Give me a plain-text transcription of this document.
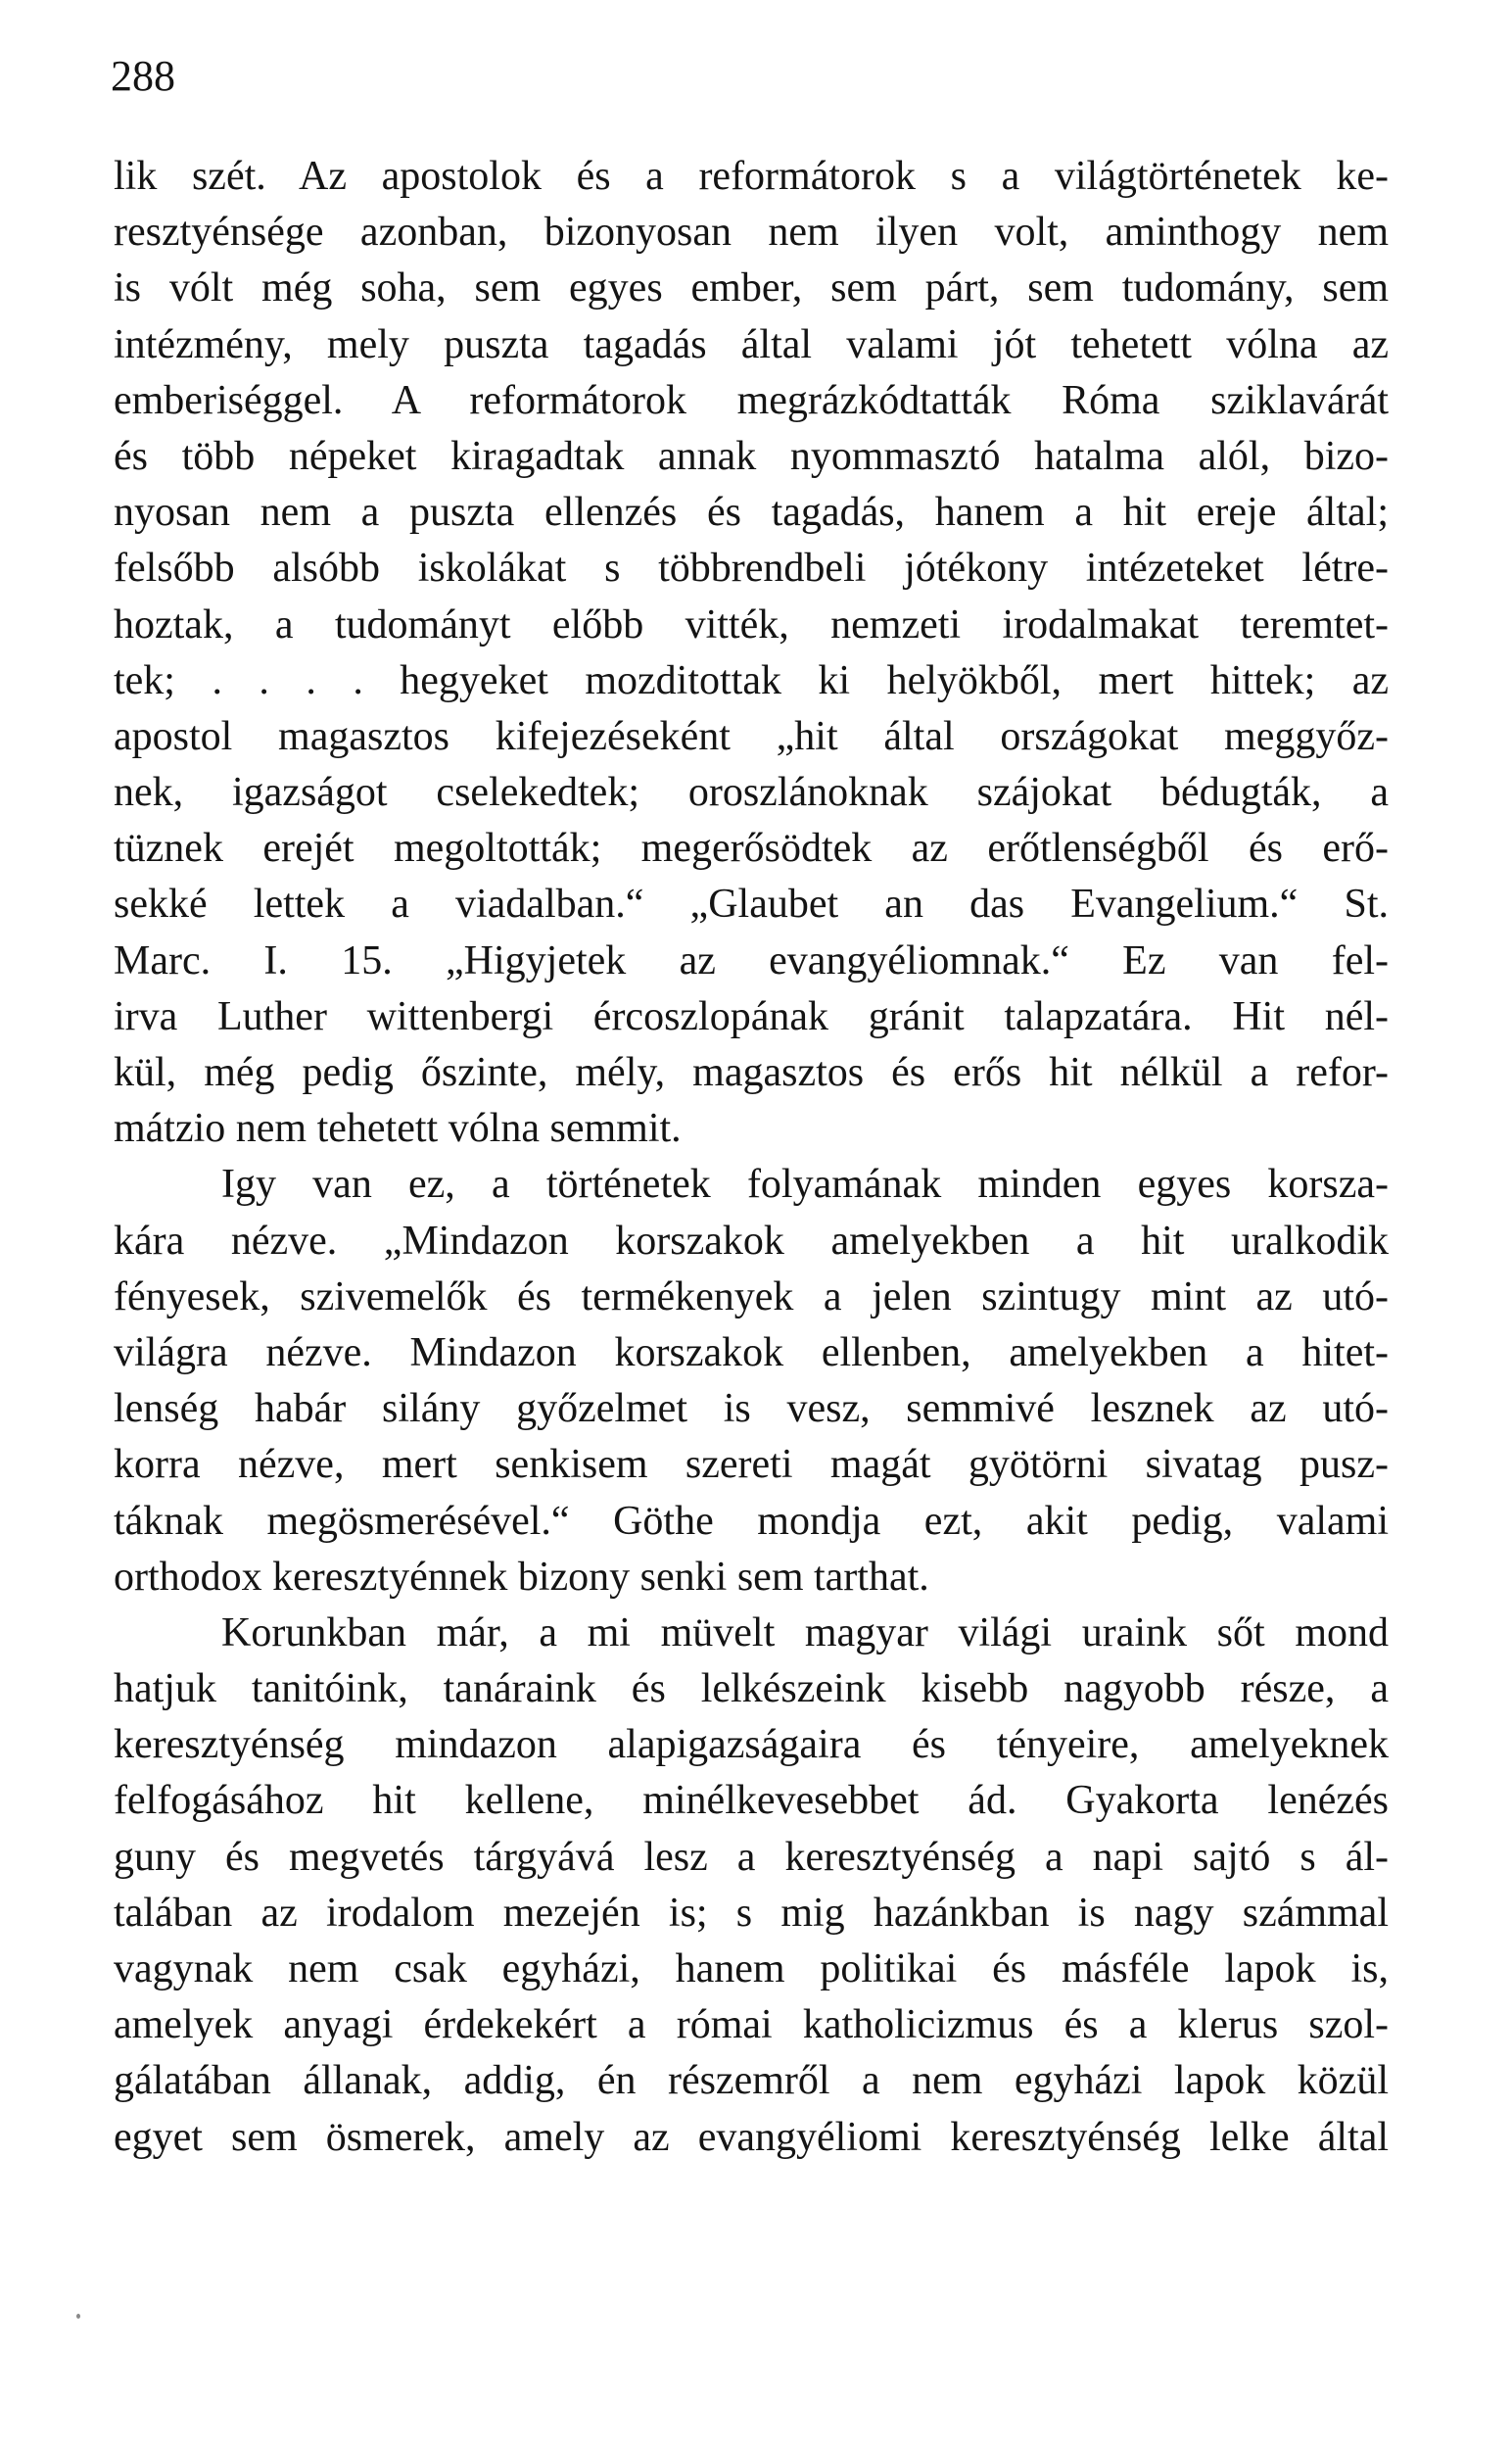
288
lik szét. Az apostolok és a reformátorok s a világtörténetek ke-
resztyénsége azonban, bizonyosan nem ilyen volt, aminthogy nem
is vólt még soha, sem egyes ember, sem párt, sem tudomány, sem
intézmény, mely puszta tagadás által valami jót tehetett vólna az
emberiséggel. A reformátorok megrázkódtatták Róma sziklavárát
és több népeket kiragadtak annak nyommasztó hatalma alól, bizo-
nyosan nem a puszta ellenzés és tagadás, hanem a hit ereje által;
felsőbb alsóbb iskolákat s többrendbeli jótékony intézeteket létre-
hoztak, a tudományt előbb vitték, nemzeti irodalmakat teremtet-
tek; . . . . hegyeket mozditottak ki helyökből, mert hittek; az
apostol magasztos kifejezéseként „hit által országokat meggyőz-
nek, igazságot cselekedtek; oroszlánoknak szájokat bédugták, a
tüznek erejét megoltották; megerősödtek az erőtlenségből és erő-
sekké lettek a viadalban.“ „Glaubet an das Evangelium.“ St.
Marc. I. 15. „Higyjetek az evangyéliomnak.“ Ez van fel-
irva Luther wittenbergi ércoszlopának gránit talapzatára. Hit nél-
kül, még pedig őszinte, mély, magasztos és erős hit nélkül a refor-
mátzio nem tehetett vólna semmit.
Igy van ez, a történetek folyamának minden egyes korsza-
kára nézve. „Mindazon korszakok amelyekben a hit uralkodik
fényesek, szivemelők és termékenyek a jelen szintugy mint az utó-
világra nézve. Mindazon korszakok ellenben, amelyekben a hitet-
lenség habár silány győzelmet is vesz, semmivé lesznek az utó-
korra nézve, mert senkisem szereti magát gyötörni sivatag pusz-
táknak megösmerésével.“ Göthe mondja ezt, akit pedig, valami
orthodox keresztyénnek bizony senki sem tarthat.
Korunkban már, a mi müvelt magyar világi uraink sőt mond
hatjuk tanitóink, tanáraink és lelkészeink kisebb nagyobb része, a
keresztyénség mindazon alapigazságaira és tényeire, amelyeknek
felfogásához hit kellene, minélkevesebbet ád. Gyakorta lenézés
guny és megvetés tárgyává lesz a keresztyénség a napi sajtó s ál-
talában az irodalom mezején is; s mig hazánkban is nagy számmal
vagynak nem csak egyházi, hanem politikai és másféle lapok is,
amelyek anyagi érdekekért a római katholicizmus és a klerus szol-
gálatában állanak, addig, én részemről a nem egyházi lapok közül
egyet sem ösmerek, amely az evangyéliomi keresztyénség lelke által
